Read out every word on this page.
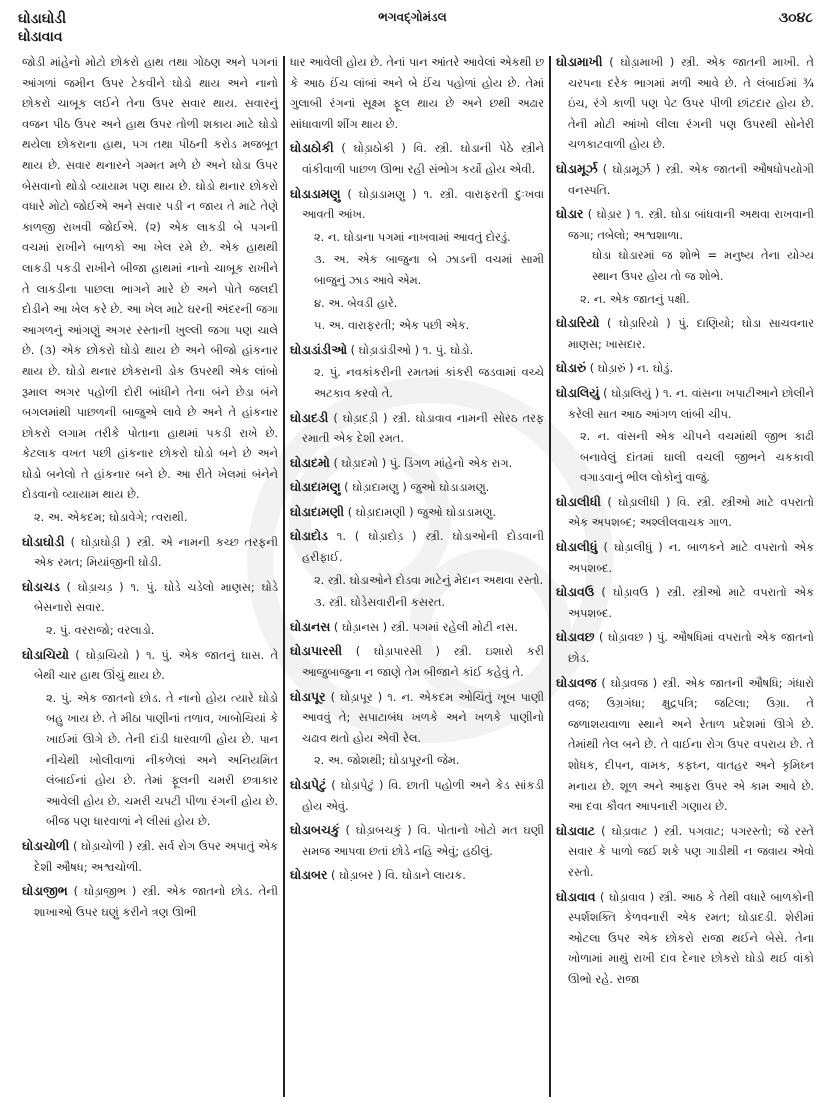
ઘોડાઘોડી
ઘોડાવાવ
ભગવદ્ગોમંડલ	૩૦૪૮
જોડી માંહેનો મોટો છોકરો હાથ તથા ગોઠણ અને પગનાં આંગળાં જમીન ઉપર ટેકવીને ઘોડો થાય અને નાનો છોકરો ચાબૂક લઈને તેના ઉપર સવાર થાય. સવારનું વજન પીઠ ઉપર અને હાથ ઉપર તોળી શકાય માટે ઘોડો થયેલા છોકરાના હાથ, પગ તથા પીઠની કરોડ મજબૂત થાય છે. સવાર થનારને ગમ્મત મળે છે અને ઘોડા ઉપર બેસવાનો થોડો વ્યાયામ પણ થાય છે. ઘોડો થનાર છોકરો વધારે મોટો જોઈએ અને સવાર પડી ન જાય તે માટે તેણે કાળજી રાખવી જોઈએ. (૨) એક લાકડી બે પગની વચમાં રાખીને બાળકો આ ખેલ રમે છે. એક હાથથી લાકડી પકડી રાખીને બીજા હાથમાં નાનો ચાબૂક રાખીને તે લાકડીના પાછલા ભાગને મારે છે અને પોતે જલદી દોડીને આ ખેલ કરે છે. આ ખેલ માટે ઘરની અંદરની જગા આગળનું આંગણું અગર રસ્તાની ખુલ્લી જગા પણ ચાલે છે. (૩) એક છોકરો ઘોડો થાય છે અને બીજો હાંકનાર થાય છે. ઘોડો થનાર છોકરાની ડોક ઉપરથી એક લાંબો રૂમાલ અગર પહોળી દોરી બાંધીને તેના બંને છેડા બંને બગલમાંથી પાછળની બાજુએ લાવે છે અને તે હાંકનાર છોકરો લગામ તરીકે પોતાના હાથમાં પકડી રાખે છે. કેટલાક વખત પછી હાંકનાર છોકરો ઘોડો બને છે અને ઘોડો બનેલો તે હાંકનાર બને છે. આ રીતે ખેલમાં બંનેને દોડવાનો વ્યાયામ થાય છે.
૨. અ. એકદમ; ઘોડાવેગે; ત્વરાથી.
ઘોડાઘોડી ( ઘોડ઼ાઘોડ઼ી ) સ્ત્રી. એ નામની કચ્છ તરફની એક રમત; મિયાંજીની ઘોડી.
ઘોડાચડ ( ઘોડ઼ાચડ઼ ) ૧. પું. ઘોડે ચડેલો માણસ; ઘોડે બેસનારો સવાર.
૨. પું. વરરાજો; વરલાડો.
ઘોડાચિયો ( ઘોડ઼ાચિયો ) ૧. પું. એક જાતનું ઘાસ. તે બેથી ચાર હાથ ઊંચું થાય છે.
૨. પું. એક જાતનો છોડ. તે નાનો હોય ત્યારે ઘોડો બહુ ખાય છે. તે મીઠા પાણીનાં તળાવ, ખાબોચિયાં કે ખાઈમાં ઊગે છે. તેની દાંડી ધારવાળી હોય છે. પાન નીચેથી ખોલીવાળાં નીકળેલાં અને અનિયમિત લંબાઈનાં હોય છે. તેમાં ફૂલની ચમરી છત્રાકાર આવેલી હોય છે. ચમરી ચપટી પીળા રંગની હોય છે. બીજ પણ ધારવાળાં ને લીસાં હોય છે.
ઘોડાચોળી ( ઘોડ઼ાચોળી ) સ્ત્રી. સર્વ રોગ ઉપર અપાતું એક દેશી ઔષધ; અશ્વચોળી.
ઘોડાજીભ ( ઘોડ઼ાજીભ ) સ્ત્રી. એક જાતનો છોડ. તેની શાખાઓ ઉપર ઘણું કરીને ત્રણ ઊભી
ધાર આવેલી હોય છે. તેનાં પાન આંતરે આવેલાં એકથી છ કે આઠ ઈંચ લાંબાં અને બે ઈંચ પહોળાં હોય છે. તેમાં ગુલાબી રંગનાં સૂક્ષ્મ ફૂલ થાય છે અને છથી અઢાર સાંધાવાળી શીંગ થાય છે.
ઘોડાઠોકી ( ઘોડ઼ાઠોકી ) વિ. સ્ત્રી. ઘોડાની પેઠે સ્ત્રીને વાંકીવાળી પાછળ ઊભા રહી સંભોગ કર્યો હોય એવી.
ઘોડાડામણુ ( ઘોડ઼ાડામણુ ) ૧. સ્ત્રી. વારાફરતી દુઃખવા આવતી આંખ.
૨. ન. ઘોડાના પગમાં નાખવામાં આવતું દોરડું.
૩. અ. એક બાજુના બે ઝાડની વચમાં સામી બાજુનું ઝાડ આવે એમ.
૪. અ. બેવડી હારે.
૫. અ. વારાફરતી; એક પછી એક.
ઘોડાડાંડીઓ ( ઘોડ઼ાડાંડીઓ ) ૧. પું. ઘોડો.
૨. પું. નવકાંકરીની રમતમાં કાંકરી જડવામાં વચ્ચે અટકાવ કરવો તે.
ઘોડાદડી ( ઘોડ઼ાદડ઼ી ) સ્ત્રી. ઘોડાવાવ નામની સોરઠ તરફ રમાતી એક દેશી રમત.
ઘોડાદમો ( ઘોડ઼ાદમો ) પું. ડિંગળ માંહેનો એક રાગ.
ઘોડાદામણુ ( ઘોડ઼ાદામણુ ) જુઓ ઘોડાડામણુ.
ઘોડાદામણી ( ઘોડ઼ાદામણી ) જુઓ ઘોડાડામણુ.
ઘોડાદોડ ૧. ( ઘોડ઼ાદોડ઼ ) સ્ત્રી. ઘોડાઓની દોડવાની હરીફાઈ.
૨. સ્ત્રી. ઘોડાઓને દોડવા માટેનું મેદાન અથવા રસ્તો.
૩. સ્ત્રી. ઘોડેસવારીની કસરત.
ઘોડાનસ ( ઘોડ઼ાનસ ) સ્ત્રી. પગમાં રહેલી મોટી નસ.
ઘોડાપારસી ( ઘોડ઼ાપારસી ) સ્ત્રી. ઇશારો કરી આજુબાજુના ન જાણે તેમ બીજાને કાંઈ કહેવું તે.
ઘોડાપૂર ( ઘોડ઼ાપૂર ) ૧. ન. એકદમ ઓચિંતું ખૂબ પાણી આવવું તે; સપાટાબંધ ખળકે અને ખળકે પાણીનો ચઢાવ થતો હોય એવી રેલ.
૨. અ. જોશથી; ઘોડાપૂરની જેમ.
ઘોડાપેટું ( ઘોડ઼ાપેટું ) વિ. છાતી પહોળી અને કેડ સાંકડી હોય એવું.
ઘોડાબચકું ( ઘોડ઼ાબચકું ) વિ. પોતાનો ખોટો મત ઘણી સમજ આપવા છતાં છોડે નહિ એવું; હઠીલું.
ઘોડાબર ( ઘોડ઼ાબર ) વિ. ઘોડાને લાયક.
ઘોડામાખી ( ઘોડ઼ામાખી ) સ્ત્રી. એક જાતની માખી. તે ચરપના દરેક ભાગમાં મળી આવે છે. તે લંબાઈમાં ¾ ઇંચ, રંગે કાળી પણ પેટ ઉપર પીળી છાંટદાર હોય છે. તેની મોટી આંખો લીલા રંગની પણ ઉપરથી સોનેરી ચળકાટવાળી હોય છે.
ઘોડામૂર્ઝ ( ઘોડ઼ામૂર્ઝ ) સ્ત્રી. એક જાતની ઔષધોપયોગી વનસ્પતિ.
ઘોડાર ( ઘોડ઼ાર ) ૧. સ્ત્રી. ઘોડા બાંધવાની અથવા રાખવાની જગા; તબેલો; અશ્વશાળા.
ઘોડા ઘોડારમાં જ શોભે = મનુષ્ય તેના યોગ્ય સ્થાન ઉપર હોય તો જ શોભે.
૨. ન. એક જાતનું પક્ષી.
ઘોડારિયો ( ઘોડ઼ારિયો ) પું. દાણિયો; ઘોડા સાચવનાર માણસ; ખાસદાર.
ઘોડારું ( ઘોડ઼ારું ) ન. ઘોડું.
ઘોડાલિયું ( ઘોડ઼ાલિયું ) ૧. ન. વાંસના ખપાટીઆને છોલીને કરેલી સાત આઠ આંગળ લાંબી ચીપ.
૨. ન. વાંસની એક ચીપને વચમાંથી જીભ કાઢી બનાવેલું દાંતમાં ઘાલી વચલી જીભને ચકકાવી વગાડવાનું ભીલ લોકોનું વાજું.
ઘોડાલીધી ( ઘોડ઼ાલીધી ) વિ. સ્ત્રી. સ્ત્રીઓ માટે વપરાતો એક અપશબ્દ; અશ્લીલવાચક ગાળ.
ઘોડાલીધું ( ઘોડ઼ાલીધું ) ન. બાળકને માટે વપરાતો એક અપશબ્દ.
ઘોડાવઉ ( ઘોડ઼ાવઉ ) સ્ત્રી. સ્ત્રીઓ માટે વપરાતો એક અપશબ્દ.
ઘોડાવછ ( ઘોડ઼ાવછ ) પું. ઔષધિમાં વપરાતો એક જાતનો છોડ.
ઘોડાવજ ( ઘોડ઼ાવજ ) સ્ત્રી. એક જાતની ઔષધિ; ગંધારો વજ; ઉગ્રગંધા; ક્ષુદ્રપત્રિ; જટિલા; ઉગ્રા. તે જળાશયવાળા સ્થાને અને રેતાળ પ્રદેશમાં ઊગે છે. તેમાંથી તેલ બને છે. તે વાઈના રોગ ઉપર વપરાય છે. તે શોધક, દીપન, વામક, કફઘ્ન, વાતહર અને કૃમિઘ્ન મનાય છે. શૂળ અને આફરા ઉપર એ કામ આવે છે. આ દવા કૌવત આપનારી ગણાય છે.
ઘોડાવાટ ( ઘોડ઼ાવાટ ) સ્ત્રી. પગવાટ; પગરસ્તો; જે રસ્તે સવાર કે પાળો જઈ શકે પણ ગાડીથી ન જવાય એવો રસ્તો.
ઘોડાવાવ ( ઘોડ઼ાવાવ ) સ્ત્રી. આઠ કે તેથી વધારે બાળકોની સ્પર્શશક્તિ કેળવનારી એક રમત; ઘોડાદડી. શેરીમાં ઓટલા ઉપર એક છોકરો રાજા થઈને બેસે. તેના ખોળામાં માથું રાખી દાવ દેનાર છોકરો ઘોડો થઈ વાંકો ઊભો રહે. રાજા
